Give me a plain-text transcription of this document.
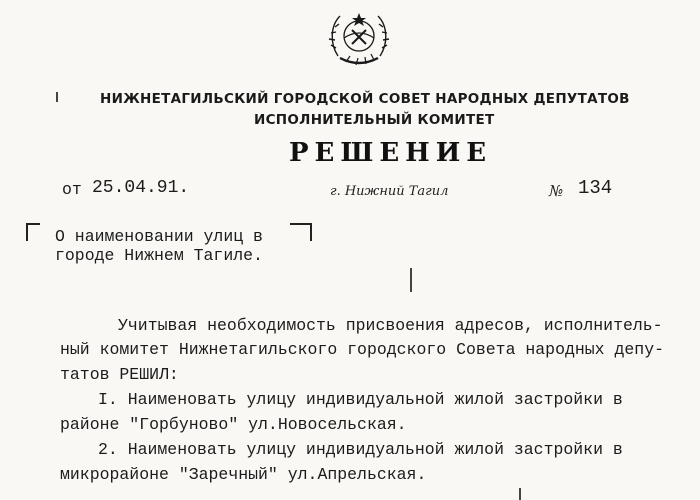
НИЖНЕТАГИЛЬСКИЙ ГОРОДСКОЙ СОВЕТ НАРОДНЫХ ДЕПУТАТОВ
ИСПОЛНИТЕЛЬНЫЙ КОМИТЕТ
РЕШЕНИЕ
от 25.04.91.	г. Нижний Тагил	№ 134
О наименовании улиц в
городе Нижнем Тагиле.
Учитывая необходимость присвоения адресов, исполнитель-
ный комитет Нижнетагильского городского Совета народных депу-
татов РЕШИЛ:
I. Наименовать улицу индивидуальной жилой застройки в
районе "Горбуново" ул.Новосельская.
2. Наименовать улицу индивидуальной жилой застройки в
микрорайоне "Заречный" ул.Апрельская.
